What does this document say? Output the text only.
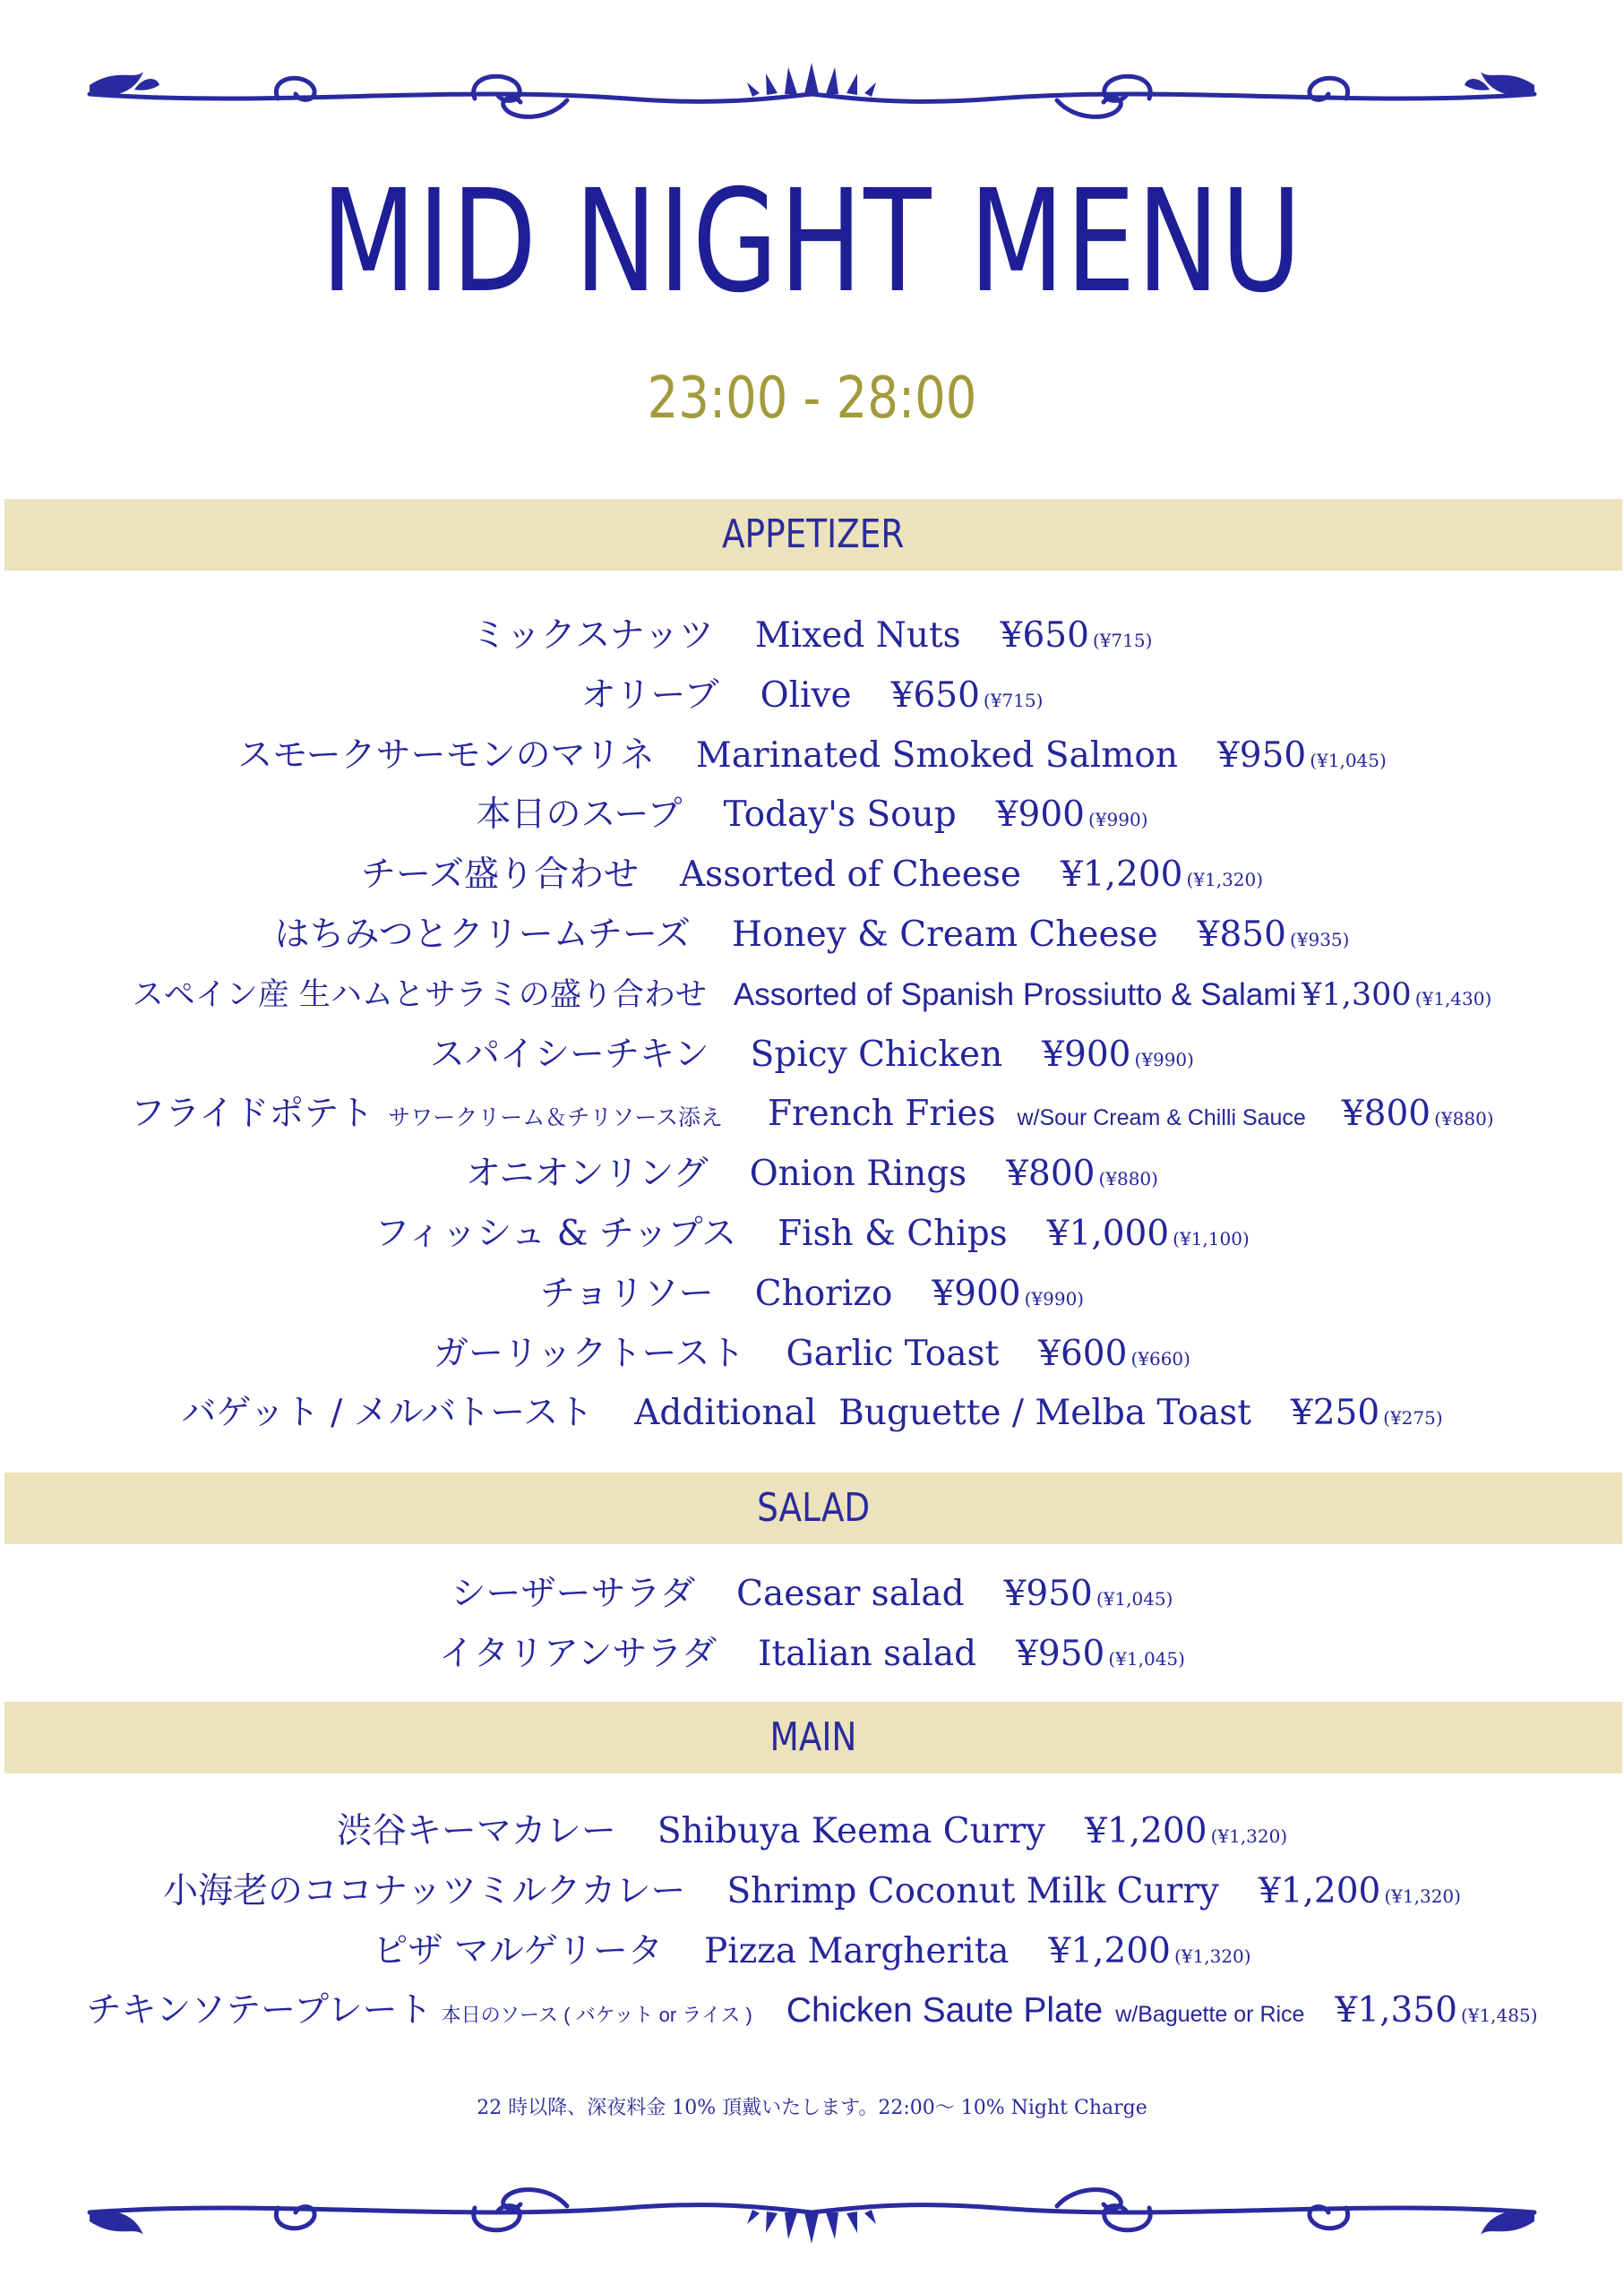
MID NIGHT MENU
23:00 - 28:00
APPETIZER
ミックスナッツ Mixed Nuts ¥650 (¥715)
オリーブ Olive ¥650 (¥715)
スモークサーモンのマリネ Marinated Smoked Salmon ¥950 (¥1,045)
本日のスープ Today's Soup ¥900 (¥990)
チーズ盛り合わせ Assorted of Cheese ¥1,200 (¥1,320)
はちみつとクリームチーズ Honey & Cream Cheese ¥850 (¥935)
スペイン産 生ハムとサラミの盛り合わせ Assorted of Spanish Prossiutto & Salami ¥1,300 (¥1,430)
スパイシーチキン Spicy Chicken ¥900 (¥990)
フライドポテト サワークリーム＆チリソース添え French Fries w/Sour Cream & Chilli Sauce ¥800 (¥880)
オニオンリング Onion Rings ¥800 (¥880)
フィッシュ & チップス Fish & Chips ¥1,000 (¥1,100)
チョリソー Chorizo ¥900 (¥990)
ガーリックトースト Garlic Toast ¥600 (¥660)
バゲット / メルバトースト Additional  Buguette / Melba Toast ¥250 (¥275)
SALAD
シーザーサラダ Caesar salad ¥950 (¥1,045)
イタリアンサラダ Italian salad ¥950 (¥1,045)
MAIN
渋谷キーマカレー Shibuya Keema Curry ¥1,200 (¥1,320)
小海老のココナッツミルクカレー Shrimp Coconut Milk Curry ¥1,200 (¥1,320)
ピザ マルゲリータ Pizza Margherita ¥1,200 (¥1,320)
チキンソテープレート 本日のソース ( バケット or ライス ) Chicken Saute Plate w/Baguette or Rice ¥1,350 (¥1,485)
22 時以降、深夜料金 10% 頂戴いたします。22:00〜 10% Night Charge
